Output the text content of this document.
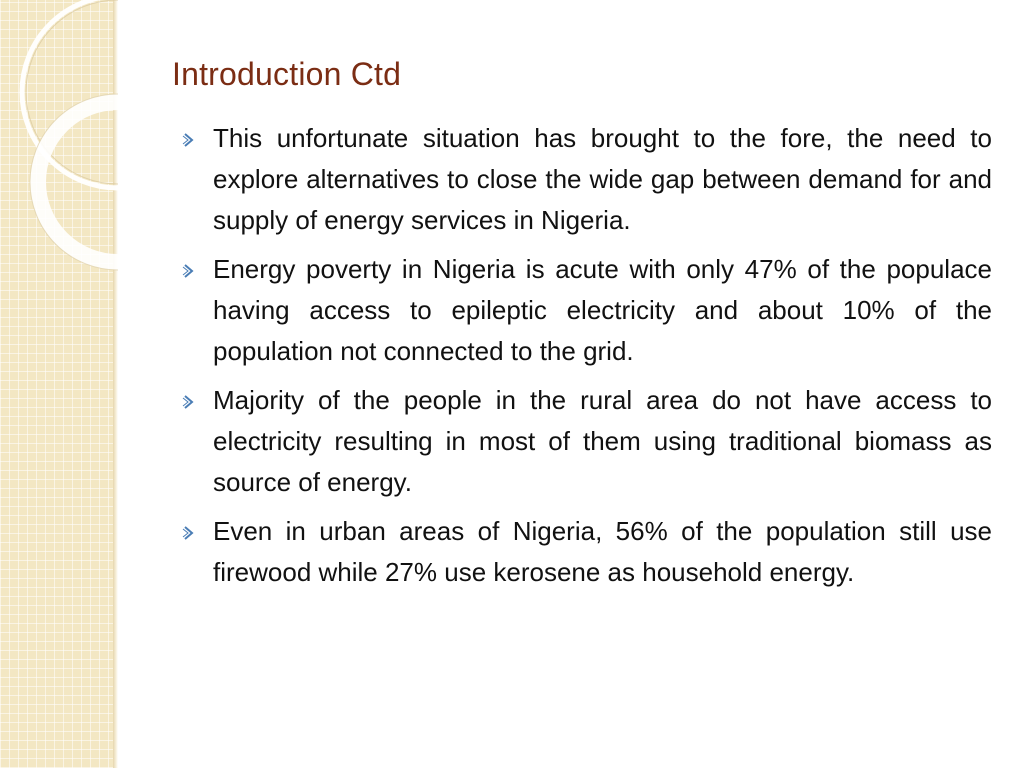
Introduction Ctd
This unfortunate situation has brought to the fore, the need to explore alternatives to close the wide gap between demand for and supply of energy services in Nigeria.
Energy poverty in Nigeria is acute with only 47% of the populace having access to epileptic electricity and about 10% of the population not connected to the grid.
Majority of the people in the rural area do not have access to electricity resulting in most of them using traditional biomass as source of energy.
Even in urban areas of Nigeria, 56% of the population still use firewood while 27% use kerosene as household energy.
